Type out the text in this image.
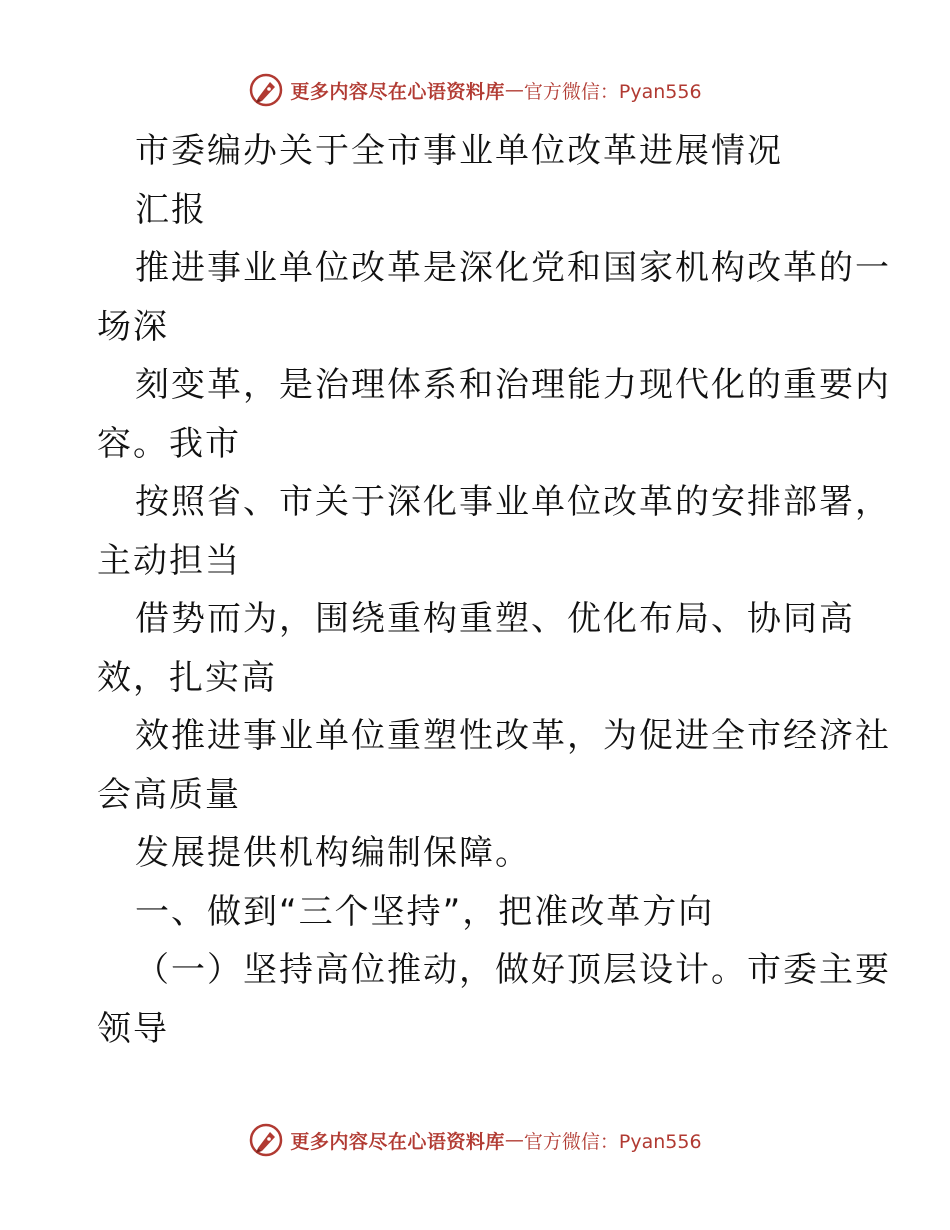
更多内容尽在心语资料库 — 官方微信：Pyan556
市委编办关于全市事业单位改革进展情况
汇报
推进事业单位改革是深化党和国家机构改革的一
场深
刻变革，是治理体系和治理能力现代化的重要内
容。我市
按照省、市关于深化事业单位改革的安排部署，
主动担当
借势而为，围绕重构重塑、优化布局、协同高
效，扎实高
效推进事业单位重塑性改革，为促进全市经济社
会高质量
发展提供机构编制保障。
一、做到“三个坚持”，把准改革方向
（一）坚持高位推动，做好顶层设计。市委主要
领导
更多内容尽在心语资料库 — 官方微信：Pyan556
